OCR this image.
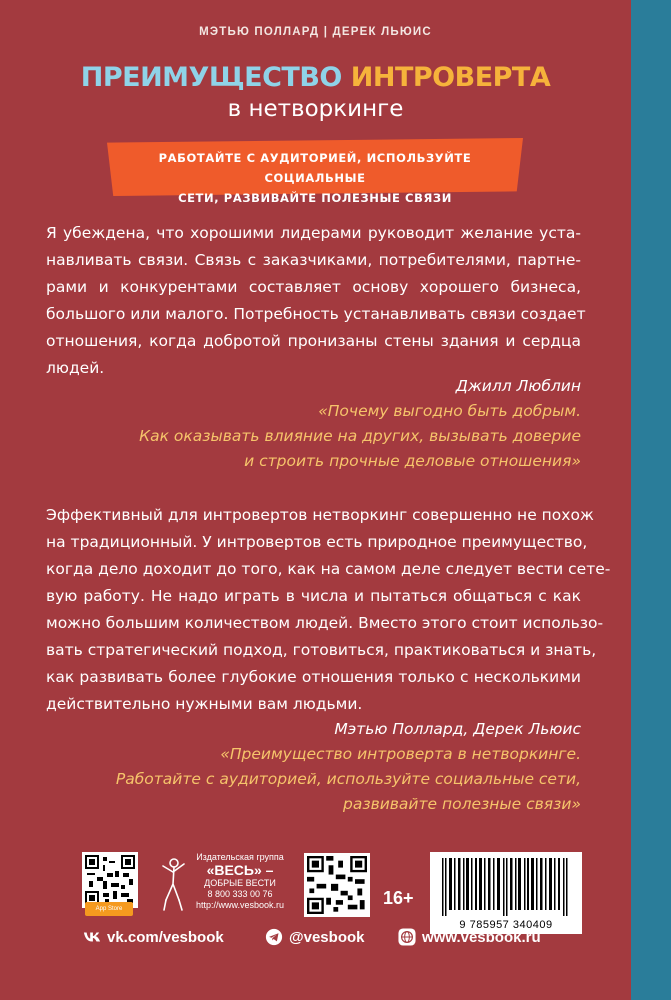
МЭТЬЮ ПОЛЛАРД | ДЕРЕК ЛЬЮИС
ПРЕИМУЩЕСТВО ИНТРОВЕРТА
в нетворкинге
РАБОТАЙТЕ С АУДИТОРИЕЙ, ИСПОЛЬЗУЙТЕ СОЦИАЛЬНЫЕ
СЕТИ, РАЗВИВАЙТЕ ПОЛЕЗНЫЕ СВЯЗИ
Я убеждена, что хорошими лидерами руководит желание уста-
навливать связи. Связь с заказчиками, потребителями, партне-
рами и конкурентами составляет основу хорошего бизнеса,
большого или малого. Потребность устанавливать связи создает
отношения, когда добротой пронизаны стены здания и сердца
людей.
Джилл Люблин
«Почему выгодно быть добрым.
Как оказывать влияние на других, вызывать доверие
и строить прочные деловые отношения»
Эффективный для интровертов нетворкинг совершенно не похож
на традиционный. У интровертов есть природное преимущество,
когда дело доходит до того, как на самом деле следует вести сете-
вую работу. Не надо играть в числа и пытаться общаться с как
можно большим количеством людей. Вместо этого стоит использо-
вать стратегический подход, готовиться, практиковаться и знать,
как развивать более глубокие отношения только с несколькими
действительно нужными вам людьми.
Мэтью Поллард, Дерек Льюис
«Преимущество интроверта в нетворкинге.
Работайте с аудиторией, используйте социальные сети,
развивайте полезные связи»
App Store
Издательская группа
«ВЕСЬ» –
ДОБРЫЕ ВЕСТИ
8 800 333 00 76
http://www.vesbook.ru	16+
9 785957 340409
vk.com/vesbook	@vesbook	www.vesbook.ru
